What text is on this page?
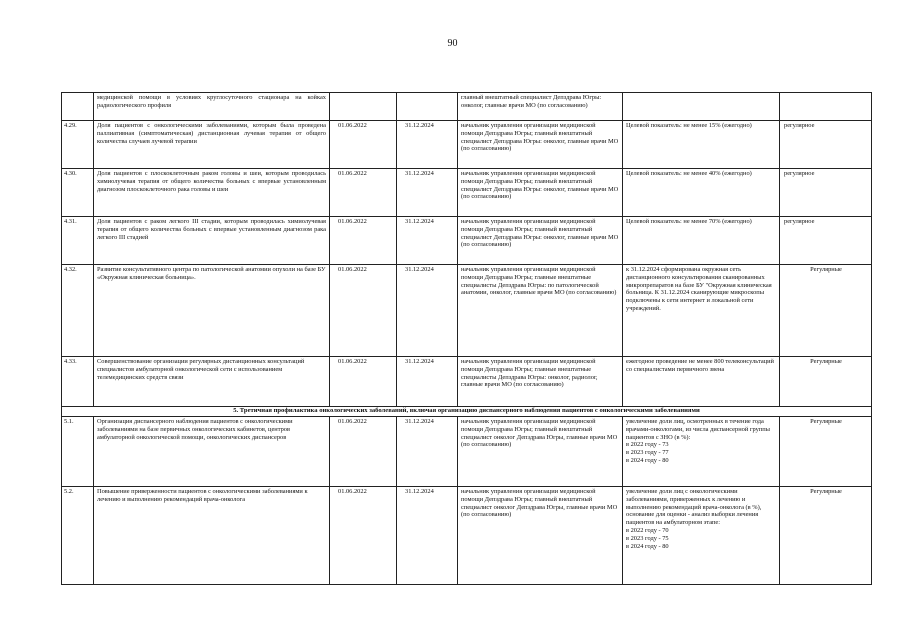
90
	медицинской помощи в условиях круглосуточного стационара на койках радиологического профиля			главный внештатный специалист Депздрава Югры: онколог, главные врачи МО (по согласованию)		
4.29.	Доля пациентов с онкологическими заболеваниями, которым была проведена паллиативная (симптоматическая) дистанционная лучевая терапия от общего количества случаев лучевой терапии	01.06.2022	31.12.2024	начальник управления организации медицинской помощи Депздрава Югры; главный внештатный специалист Депздрава Югры: онколог, главные врачи МО (по согласованию)	Целевой показатель: не менее 15% (ежегодно)	регулярное
4.30.	Доля пациентов с плоскоклеточным раком головы и шеи, которым проводилась химиолучевая терапия от общего количества больных с впервые установленным диагнозом плоскоклеточного рака головы и шеи	01.06.2022	31.12.2024	начальник управления организации медицинской помощи Депздрава Югры; главный внештатный специалист Депздрава Югры: онколог, главные врачи МО (по согласованию)	Целевой показатель: не менее 40% (ежегодно)	регулярное
4.31.	Доля пациентов с раком легкого III стадии, которым проводилась химиолучевая терапия от общего количества больных с впервые установленным диагнозом рака легкого III стадией	01.06.2022	31.12.2024	начальник управления организации медицинской помощи Депздрава Югры; главный внештатный специалист Депздрава Югры: онколог, главные врачи МО (по согласованию)	Целевой показатель: не менее 70% (ежегодно)	регулярное
4.32.	Развитие консультативного центра по патологической анатомии опухоли на базе БУ «Окружная клиническая больница».	01.06.2022	31.12.2024	начальник управления организации медицинской помощи Депздрава Югры; главные внештатные специалисты Депздрава Югры: по патологической анатомии, онколог, главные врачи МО (по согласованию)	к 31.12.2024 сформирована окружная сеть дистанционного консультирования сканированных микропрепаратов на базе БУ "Окружная клиническая больница. К 31.12.2024 сканирующие микроскопы подключены к сети интернет и локальной сети учреждений.	Регулярные
4.33.	Совершенствование организации регулярных дистанционных консультаций специалистов амбулаторной онкологической сети с использованием телемедицинских средств связи	01.06.2022	31.12.2024	начальник управления организации медицинской помощи Депздрава Югры; главные внештатные специалисты Депздрава Югры: онколог, радиолог, главные врачи МО (по согласованию)	ежегодное проведение не менее 800 телеконсультаций со специалистами первичного звена	Регулярные
5. Третичная профилактика онкологических заболеваний, включая организацию диспансерного наблюдения пациентов с онкологическими заболеваниями						
5.1.	Организация диспансерного наблюдения пациентов с онкологическими заболеваниями на базе первичных онкологических кабинетов, центров амбулаторной онкологической помощи, онкологических диспансеров	01.06.2022	31.12.2024	начальник управления организации медицинской помощи Депздрава Югры; главный внештатный специалист онколог Депздрава Югры, главные врачи МО (по согласованию)	увеличение доли лиц, осмотренных в течение года врачами-онкологами, из числа диспансерной группы пациентов с ЗНО (в %):
в 2022 году - 73
в 2023 году - 77
в 2024 году - 80	Регулярные
5.2.	Повышение приверженности пациентов с онкологическими заболеваниями к лечению и выполнению рекомендаций врача-онколога	01.06.2022	31.12.2024	начальник управления организации медицинской помощи Депздрава Югры; главный внештатный специалист онколог Депздрава Югры, главные врачи МО (по согласованию)	увеличение доли лиц с онкологическими заболеваниями, приверженных к лечению и выполнению рекомендаций врача-онколога (в %), основание для оценки - анализ выборки лечения пациентов на амбулаторном этапе:
в 2022 году - 70
в 2023 году - 75
в 2024 году - 80	Регулярные
